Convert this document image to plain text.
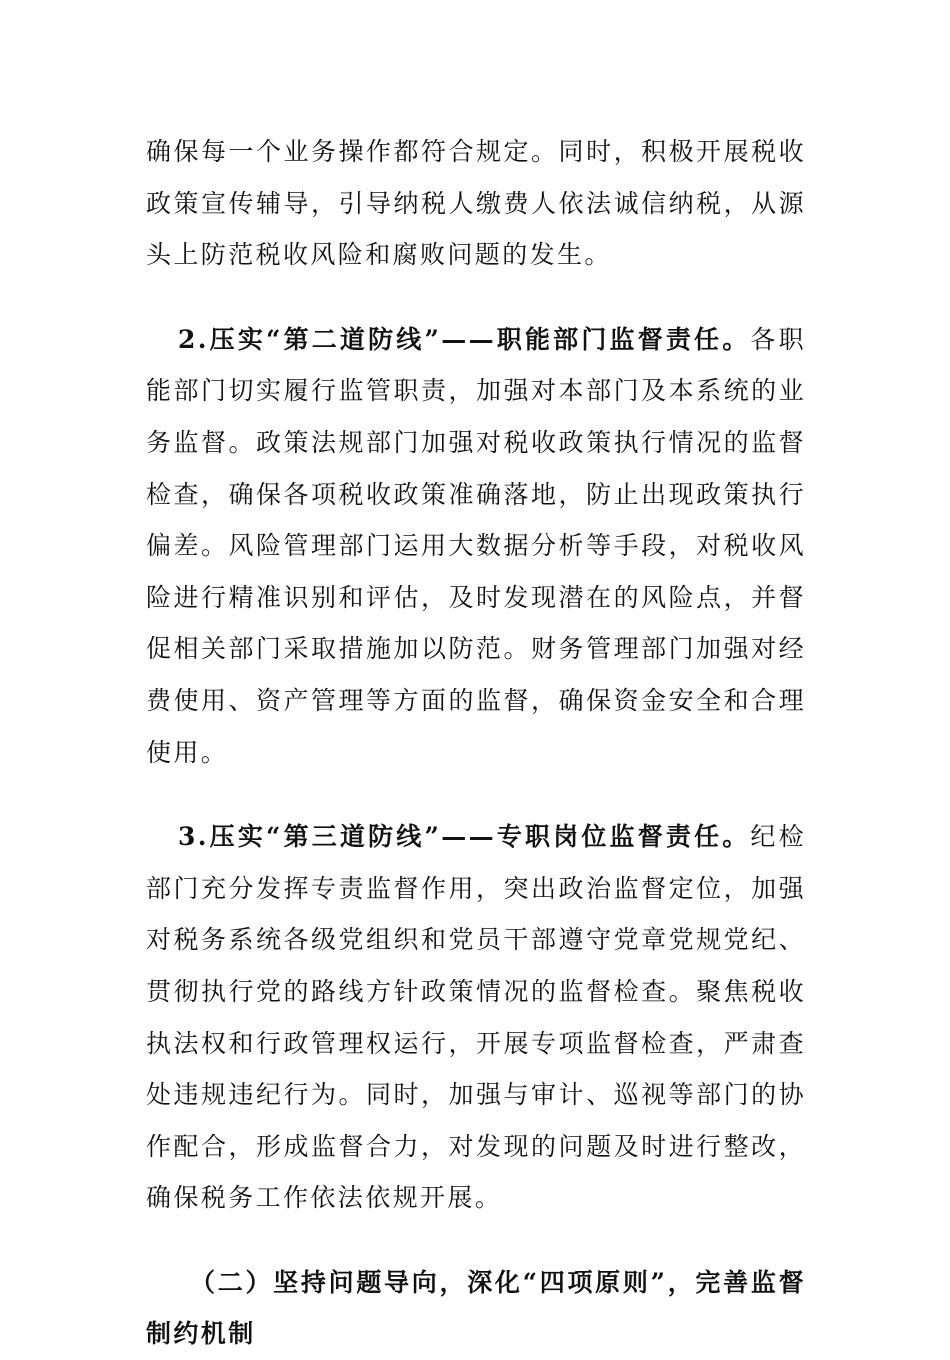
确保每一个业务操作都符合规定。同时，积极开展税收政策宣传辅导，引导纳税人缴费人依法诚信纳税，从源头上防范税收风险和腐败问题的发生。

2.压实“第二道防线”——职能部门监督责任。各职能部门切实履行监管职责，加强对本部门及本系统的业务监督。政策法规部门加强对税收政策执行情况的监督检查，确保各项税收政策准确落地，防止出现政策执行偏差。风险管理部门运用大数据分析等手段，对税收风险进行精准识别和评估，及时发现潜在的风险点，并督促相关部门采取措施加以防范。财务管理部门加强对经费使用、资产管理等方面的监督，确保资金安全和合理使用。

3.压实“第三道防线”——专职岗位监督责任。纪检部门充分发挥专责监督作用，突出政治监督定位，加强对税务系统各级党组织和党员干部遵守党章党规党纪、贯彻执行党的路线方针政策情况的监督检查。聚焦税收执法权和行政管理权运行，开展专项监督检查，严肃查处违规违纪行为。同时，加强与审计、巡视等部门的协作配合，形成监督合力，对发现的问题及时进行整改，确保税务工作依法依规开展。

（二）坚持问题导向，深化“四项原则”，完善监督制约机制
